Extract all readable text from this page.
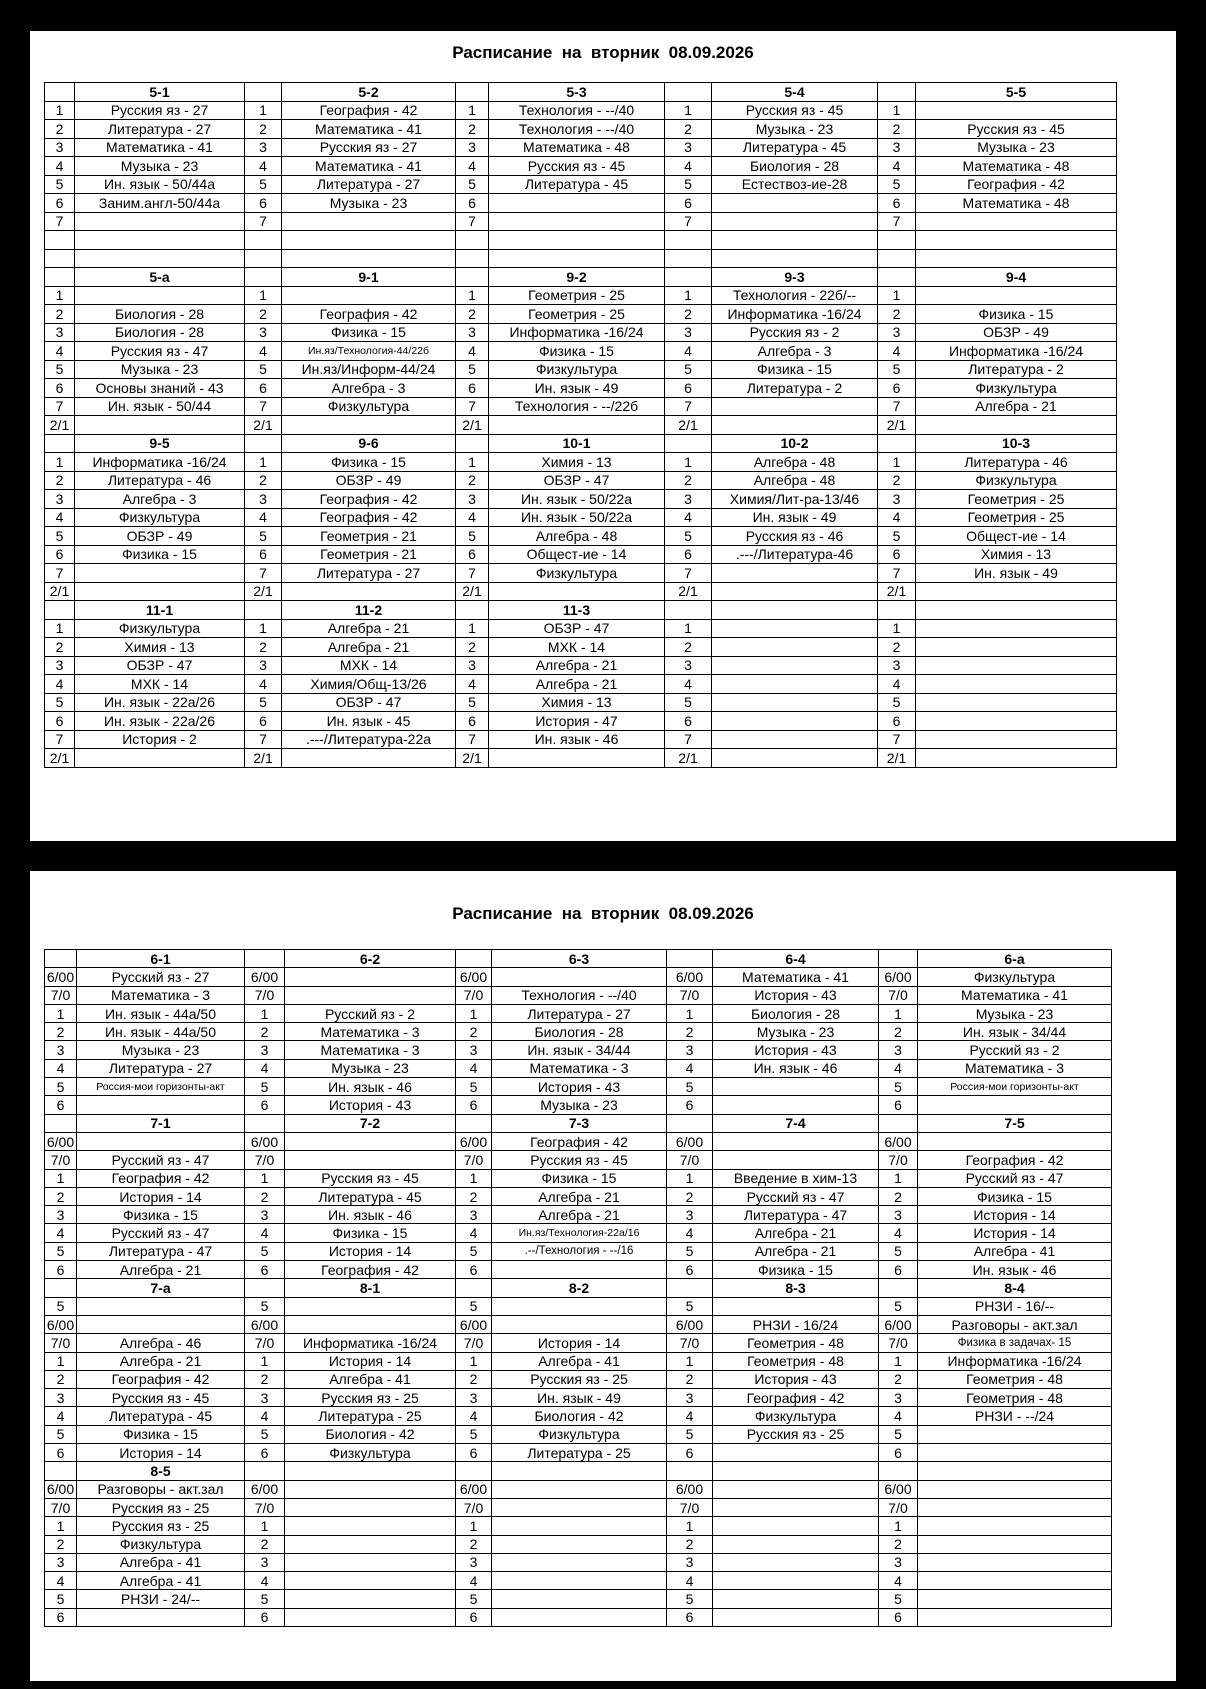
Расписание  на  вторник  08.09.2026
	5-1		5-2		5-3		5-4		5-5
1	Русския яз - 27	1	География - 42	1	Технология - --/40	1	Русския яз - 45	1	
2	Литература - 27	2	Математика - 41	2	Технология - --/40	2	Музыка - 23	2	Русския яз - 45
3	Математика - 41	3	Русския яз - 27	3	Математика - 48	3	Литература - 45	3	Музыка - 23
4	Музыка - 23	4	Математика - 41	4	Русския яз - 45	4	Биология - 28	4	Математика - 48
5	Ин. язык - 50/44а	5	Литература - 27	5	Литература - 45	5	Естествоз-ие-28	5	География - 42
6	Заним.англ-50/44а	6	Музыка - 23	6		6		6	Математика - 48
7		7		7		7		7	

	5-а		9-1		9-2		9-3		9-4
1		1		1	Геометрия - 25	1	Технология - 22б/--	1	
2	Биология - 28	2	География - 42	2	Геометрия - 25	2	Информатика -16/24	2	Физика - 15
3	Биология - 28	3	Физика - 15	3	Информатика -16/24	3	Русския яз - 2	3	ОБЗР - 49
4	Русския яз - 47	4	Ин.яз/Технология-44/22б	4	Физика - 15	4	Алгебра - 3	4	Информатика -16/24
5	Музыка - 23	5	Ин.яз/Информ-44/24	5	Физкультура	5	Физика - 15	5	Литература - 2
6	Основы знаний - 43	6	Алгебра - 3	6	Ин. язык - 49	6	Литература - 2	6	Физкультура
7	Ин. язык - 50/44	7	Физкультура	7	Технология - --/22б	7		7	Алгебра - 21
2/1		2/1		2/1		2/1		2/1	
	9-5		9-6		10-1		10-2		10-3
1	Информатика -16/24	1	Физика - 15	1	Химия - 13	1	Алгебра - 48	1	Литература - 46
2	Литература - 46	2	ОБЗР - 49	2	ОБЗР - 47	2	Алгебра - 48	2	Физкультура
3	Алгебра - 3	3	География - 42	3	Ин. язык - 50/22а	3	Химия/Лит-ра-13/46	3	Геометрия - 25
4	Физкультура	4	География - 42	4	Ин. язык - 50/22а	4	Ин. язык - 49	4	Геометрия - 25
5	ОБЗР - 49	5	Геометрия - 21	5	Алгебра - 48	5	Русския яз - 46	5	Общест-ие - 14
6	Физика - 15	6	Геометрия - 21	6	Общест-ие - 14	6	.---/Литература-46	6	Химия - 13
7		7	Литература - 27	7	Физкультура	7		7	Ин. язык - 49
2/1		2/1		2/1		2/1		2/1	
	11-1		11-2		11-3				
1	Физкультура	1	Алгебра - 21	1	ОБЗР - 47	1		1	
2	Химия - 13	2	Алгебра - 21	2	МХК - 14	2		2	
3	ОБЗР - 47	3	МХК - 14	3	Алгебра - 21	3		3	
4	МХК - 14	4	Химия/Общ-13/26	4	Алгебра - 21	4		4	
5	Ин. язык - 22а/26	5	ОБЗР - 47	5	Химия - 13	5		5	
6	Ин. язык - 22а/26	6	Ин. язык - 45	6	История - 47	6		6	
7	История - 2	7	.---/Литература-22а	7	Ин. язык - 46	7		7	
2/1		2/1		2/1		2/1		2/1	
Расписание  на  вторник  08.09.2026
	6-1		6-2		6-3		6-4		6-а
6/00	Русский яз - 27	6/00		6/00		6/00	Математика - 41	6/00	Физкультура
7/0	Математика - 3	7/0		7/0	Технология - --/40	7/0	История - 43	7/0	Математика - 41
1	Ин. язык - 44а/50	1	Русский яз - 2	1	Литература - 27	1	Биология - 28	1	Музыка - 23
2	Ин. язык - 44а/50	2	Математика - 3	2	Биология - 28	2	Музыка - 23	2	Ин. язык - 34/44
3	Музыка - 23	3	Математика - 3	3	Ин. язык - 34/44	3	История - 43	3	Русский яз - 2
4	Литература - 27	4	Музыка - 23	4	Математика - 3	4	Ин. язык - 46	4	Математика - 3
5	Россия-мои горизонты-акт	5	Ин. язык - 46	5	История - 43	5		5	Россия-мои горизонты-акт
6		6	История - 43	6	Музыка - 23	6		6	
	7-1		7-2		7-3		7-4		7-5
6/00		6/00		6/00	География - 42	6/00		6/00	
7/0	Русский яз - 47	7/0		7/0	Русския яз - 45	7/0		7/0	География - 42
1	География - 42	1	Русския яз - 45	1	Физика - 15	1	Введение в хим-13	1	Русский яз - 47
2	История - 14	2	Литература - 45	2	Алгебра - 21	2	Русский яз - 47	2	Физика - 15
3	Физика - 15	3	Ин. язык - 46	3	Алгебра - 21	3	Литература - 47	3	История - 14
4	Русский яз - 47	4	Физика - 15	4	Ин.яз/Технология-22а/16	4	Алгебра - 21	4	История - 14
5	Литература - 47	5	История - 14	5	.--/Технология - --/16	5	Алгебра - 21	5	Алгебра - 41
6	Алгебра - 21	6	География - 42	6		6	Физика - 15	6	Ин. язык - 46
	7-а		8-1		8-2		8-3		8-4
5		5		5		5		5	РНЗИ - 16/--
6/00		6/00		6/00		6/00	РНЗИ - 16/24	6/00	Разговоры - акт.зал
7/0	Алгебра - 46	7/0	Информатика -16/24	7/0	История - 14	7/0	Геометрия - 48	7/0	Физика в задачах- 15
1	Алгебра - 21	1	История - 14	1	Алгебра - 41	1	Геометрия - 48	1	Информатика -16/24
2	География - 42	2	Алгебра - 41	2	Русския яз - 25	2	История - 43	2	Геометрия - 48
3	Русския яз - 45	3	Русския яз - 25	3	Ин. язык - 49	3	География - 42	3	Геометрия - 48
4	Литература - 45	4	Литература - 25	4	Биология - 42	4	Физкультура	4	РНЗИ - --/24
5	Физика - 15	5	Биология - 42	5	Физкультура	5	Русския яз - 25	5	
6	История - 14	6	Физкультура	6	Литература - 25	6		6	
	8-5								
6/00	Разговоры - акт.зал	6/00		6/00		6/00		6/00	
7/0	Русския яз - 25	7/0		7/0		7/0		7/0	
1	Русския яз - 25	1		1		1		1	
2	Физкультура	2		2		2		2	
3	Алгебра - 41	3		3		3		3	
4	Алгебра - 41	4		4		4		4	
5	РНЗИ - 24/--	5		5		5		5	
6		6		6		6		6	
